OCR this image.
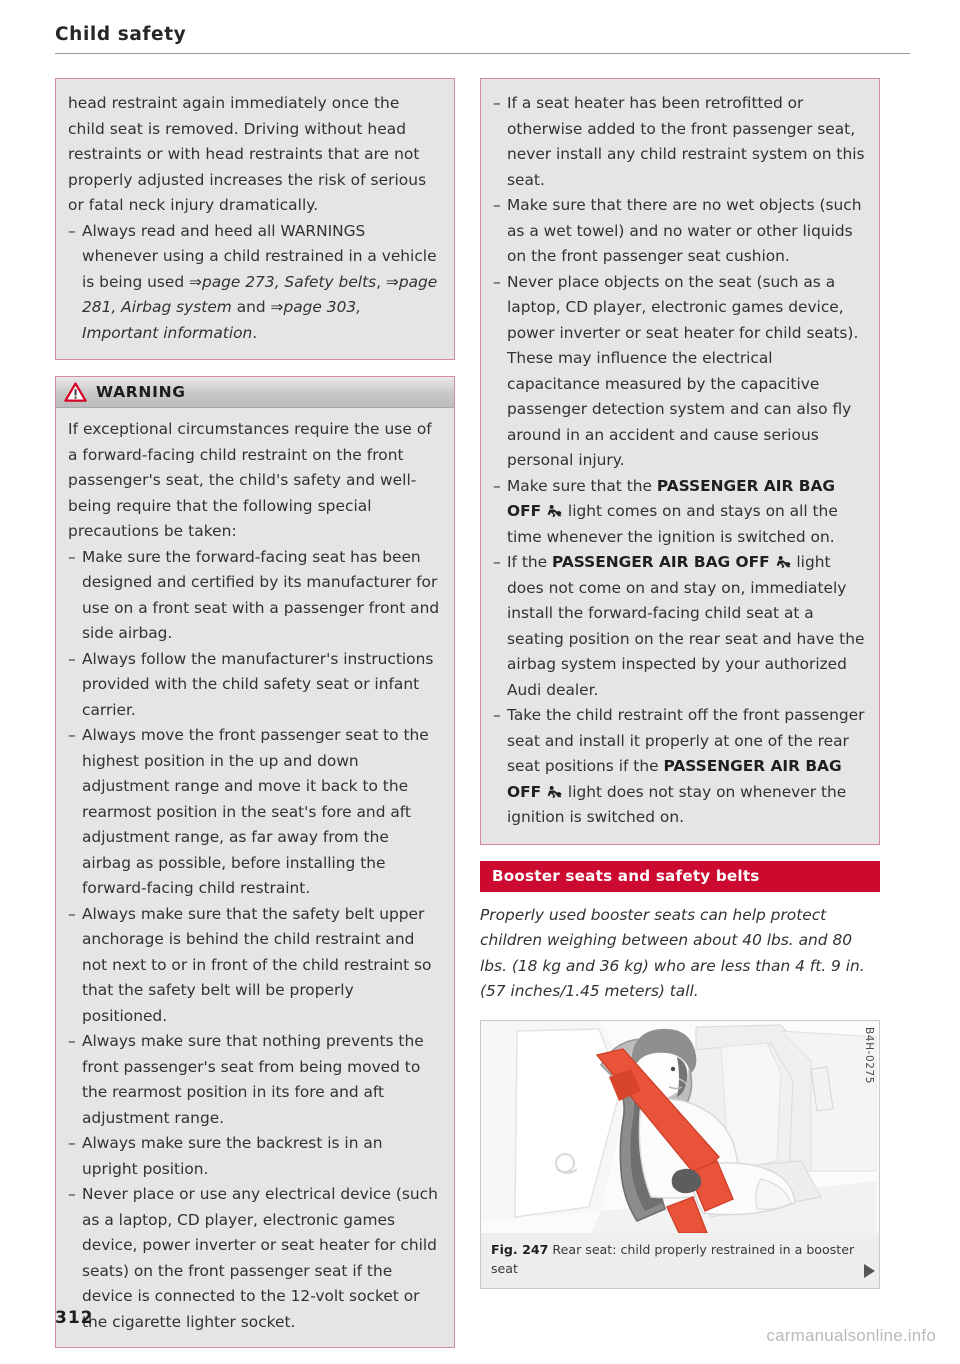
Child safety

head restraint again immediately once the child seat is removed. Driving without head restraints or with head restraints that are not properly adjusted increases the risk of serious or fatal neck injury dramatically.

– Always read and heed all WARNINGS whenever using a child restrained in a vehicle is being used ⇒page 273, Safety belts, ⇒page 281, Airbag system and ⇒page 303, Important information.
WARNING

If exceptional circumstances require the use of a forward-facing child restraint on the front passenger's seat, the child's safety and well-being require that the following special precautions be taken:

– Make sure the forward-facing seat has been designed and certified by its manufacturer for use on a front seat with a passenger front and side airbag.
– Always follow the manufacturer's instructions provided with the child safety seat or infant carrier.
– Always move the front passenger seat to the highest position in the up and down adjustment range and move it back to the rearmost position in the seat's fore and aft adjustment range, as far away from the airbag as possible, before installing the forward-facing child restraint.
– Always make sure that the safety belt upper anchorage is behind the child restraint and not next to or in front of the child restraint so that the safety belt will be properly positioned.
– Always make sure that nothing prevents the front passenger's seat from being moved to the rearmost position in its fore and aft adjustment range.
– Always make sure the backrest is in an upright position.
– Never place or use any electrical device (such as a laptop, CD player, electronic games device, power inverter or seat heater for child seats) on the front passenger seat if the device is connected to the 12-volt socket or the cigarette lighter socket.
– If a seat heater has been retrofitted or otherwise added to the front passenger seat, never install any child restraint system on this seat.
– Make sure that there are no wet objects (such as a wet towel) and no water or other liquids on the front passenger seat cushion.
– Never place objects on the seat (such as a laptop, CD player, electronic games device, power inverter or seat heater for child seats). These may influence the electrical capacitance measured by the capacitive passenger detection system and can also fly around in an accident and cause serious personal injury.
– Make sure that the PASSENGER AIR BAG OFF  light comes on and stays on all the time whenever the ignition is switched on.
– If the PASSENGER AIR BAG OFF  light does not come on and stay on, immediately install the forward-facing child seat at a seating position on the rear seat and have the airbag system inspected by your authorized Audi dealer.
– Take the child restraint off the front passenger seat and install it properly at one of the rear seat positions if the PASSENGER AIR BAG OFF  light does not stay on whenever the ignition is switched on.
Booster seats and safety belts

Properly used booster seats can help protect children weighing between about 40 lbs. and 80 lbs. (18 kg and 36 kg) who are less than 4 ft. 9 in. (57 inches/1.45 meters) tall.

B4H-0275
Fig. 247 Rear seat: child properly restrained in a booster seat
312
carmanualsonline.info
